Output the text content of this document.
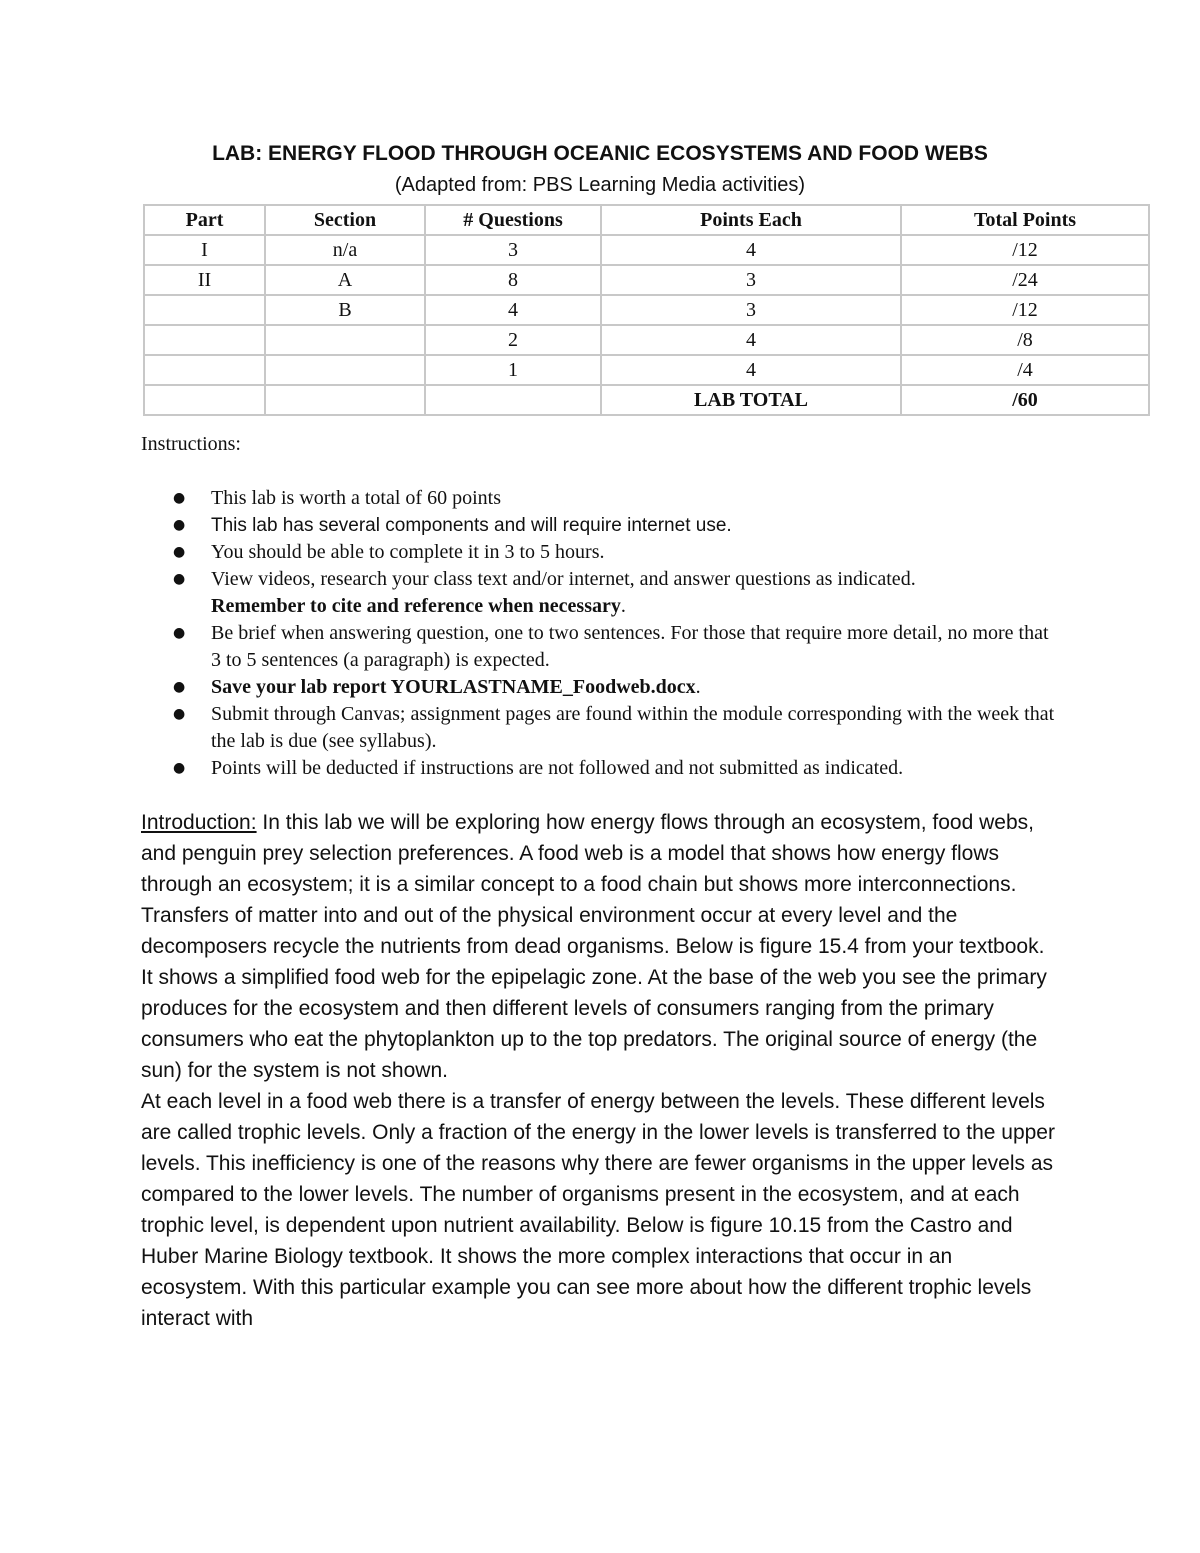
LAB: ENERGY FLOOD THROUGH OCEANIC ECOSYSTEMS AND FOOD WEBS
(Adapted from: PBS Learning Media activities)
Part	Section	# Questions	Points Each	Total Points
I	n/a	3	4	/12
II	A	8	3	/24
	B	4	3	/12
		2	4	/8
		1	4	/4
			LAB TOTAL	/60
Instructions:
● This lab is worth a total of 60 points
● This lab has several components and will require internet use.
● You should be able to complete it in 3 to 5 hours.
● View videos, research your class text and/or internet, and answer questions as indicated.
Remember to cite and reference when necessary.
● Be brief when answering question, one to two sentences. For those that require more detail, no more that 3 to 5 sentences (a paragraph) is expected.
● Save your lab report YOURLASTNAME_Foodweb.docx.
● Submit through Canvas; assignment pages are found within the module corresponding with the week that the lab is due (see syllabus).
● Points will be deducted if instructions are not followed and not submitted as indicated.

Introduction: In this lab we will be exploring how energy flows through an ecosystem, food webs, and penguin prey selection preferences. A food web is a model that shows how energy flows through an ecosystem; it is a similar concept to a food chain but shows more interconnections. Transfers of matter into and out of the physical environment occur at every level and the decomposers recycle the nutrients from dead organisms. Below is figure 15.4 from your textbook. It shows a simplified food web for the epipelagic zone. At the base of the web you see the primary produces for the ecosystem and then different levels of consumers ranging from the primary consumers who eat the phytoplankton up to the top predators. The original source of energy (the sun) for the system is not shown.

At each level in a food web there is a transfer of energy between the levels. These different levels are called trophic levels. Only a fraction of the energy in the lower levels is transferred to the upper levels. This inefficiency is one of the reasons why there are fewer organisms in the upper levels as compared to the lower levels. The number of organisms present in the ecosystem, and at each trophic level, is dependent upon nutrient availability. Below is figure 10.15 from the Castro and Huber Marine Biology textbook. It shows the more complex interactions that occur in an ecosystem. With this particular example you can see more about how the different trophic levels interact with
